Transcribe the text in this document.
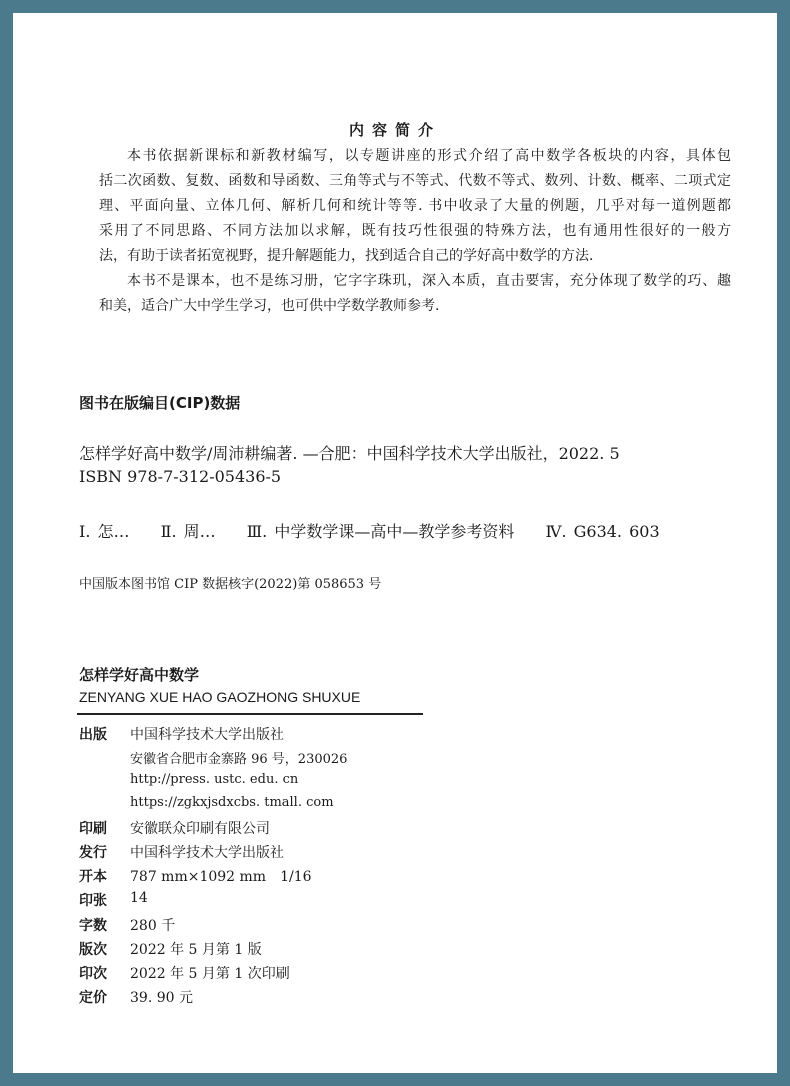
内容简介
本书依据新课标和新教材编写，以专题讲座的形式介绍了高中数学各板块的内容，具体包
括二次函数、复数、函数和导函数、三角等式与不等式、代数不等式、数列、计数、概率、二项式定
理、平面向量、立体几何、解析几何和统计等等. 书中收录了大量的例题，几乎对每一道例题都
采用了不同思路、不同方法加以求解，既有技巧性很强的特殊方法，也有通用性很好的一般方
法，有助于读者拓宽视野，提升解题能力，找到适合自己的学好高中数学的方法.
本书不是课本，也不是练习册，它字字珠玑，深入本质，直击要害，充分体现了数学的巧、趣
和美，适合广大中学生学习，也可供中学数学教师参考.
图书在版编目(CIP)数据
怎样学好高中数学/周沛耕编著. —合肥：中国科学技术大学出版社，2022. 5
ISBN 978-7-312-05436-5
Ⅰ. 怎… Ⅱ. 周… Ⅲ. 中学数学课—高中—教学参考资料 Ⅳ. G634. 603
中国版本图书馆 CIP 数据核字(2022)第 058653 号
怎样学好高中数学
ZENYANG XUE HAO GAOZHONG SHUXUE
出版 中国科学技术大学出版社
安徽省合肥市金寨路 96 号，230026
http://press. ustc. edu. cn
https://zgkxjsdxcbs. tmall. com
印刷 安徽联众印刷有限公司
发行 中国科学技术大学出版社
开本 787 mm×1092 mm　1/16
印张 14
字数 280 千
版次 2022 年 5 月第 1 版
印次 2022 年 5 月第 1 次印刷
定价 39. 90 元
